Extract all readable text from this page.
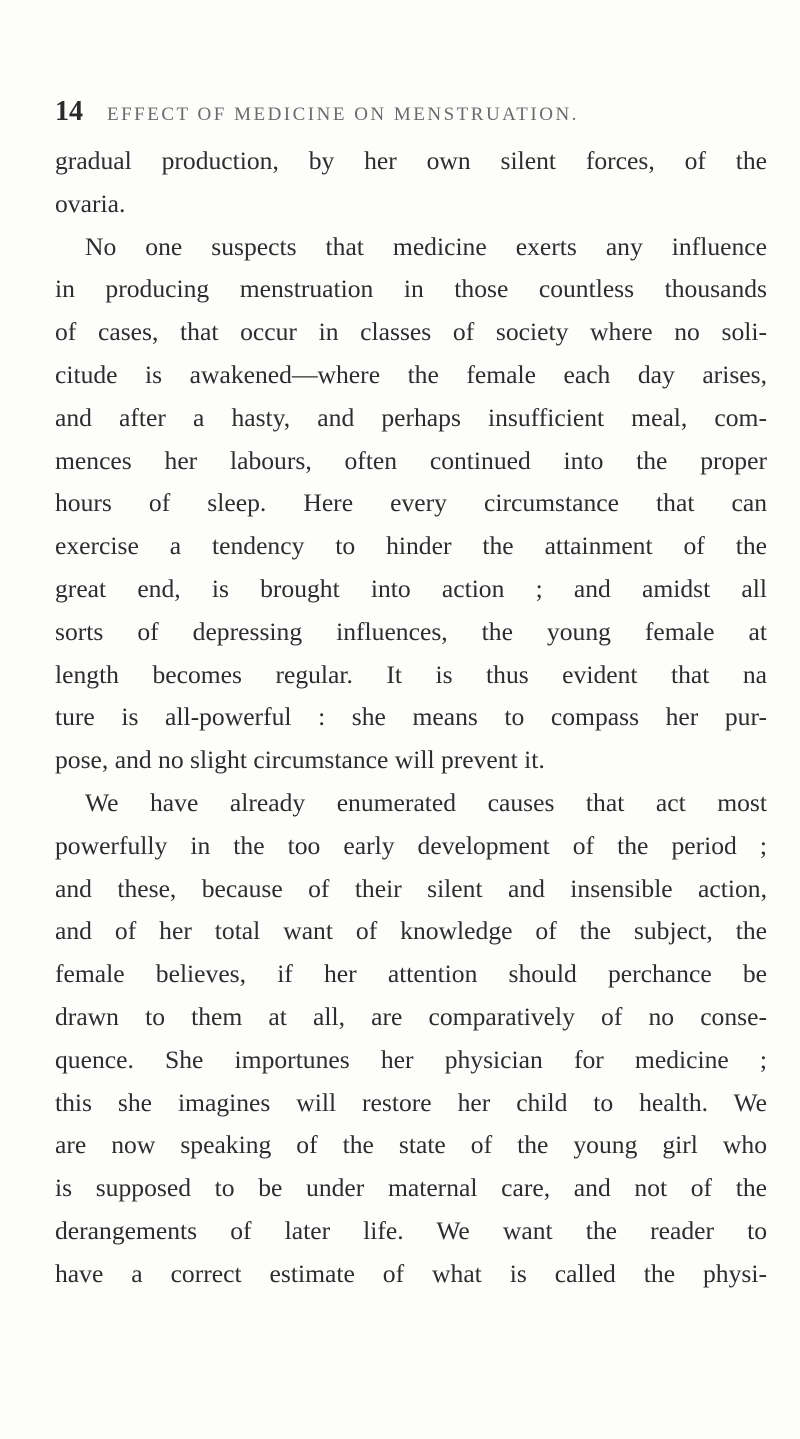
14 EFFECT OF MEDICINE ON MENSTRUATION.
gradual production, by her own silent forces, of the
ovaria.
No one suspects that medicine exerts any influence
in producing menstruation in those countless thousands
of cases, that occur in classes of society where no soli-
citude is awakened—where the female each day arises,
and after a hasty, and perhaps insufficient meal, com-
mences her labours, often continued into the proper
hours of sleep. Here every circumstance that can
exercise a tendency to hinder the attainment of the
great end, is brought into action ; and amidst all
sorts of depressing influences, the young female at
length becomes regular. It is thus evident that na
ture is all-powerful : she means to compass her pur-
pose, and no slight circumstance will prevent it.
We have already enumerated causes that act most
powerfully in the too early development of the period ;
and these, because of their silent and insensible action,
and of her total want of knowledge of the subject, the
female believes, if her attention should perchance be
drawn to them at all, are comparatively of no conse-
quence. She importunes her physician for medicine ;
this she imagines will restore her child to health. We
are now speaking of the state of the young girl who
is supposed to be under maternal care, and not of the
derangements of later life. We want the reader to
have a correct estimate of what is called the physi-
